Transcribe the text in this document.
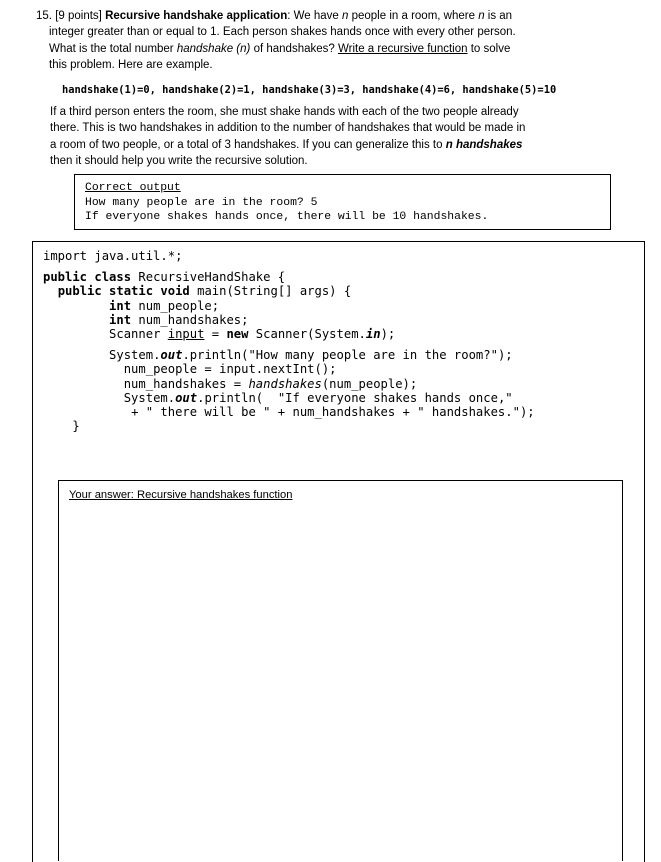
15. [9 points] Recursive handshake application: We have n people in a room, where n is an
integer greater than or equal to 1. Each person shakes hands once with every other person.
What is the total number handshake (n) of handshakes? Write a recursive function to solve
this problem. Here are example.
handshake(1)=0, handshake(2)=1, handshake(3)=3, handshake(4)=6, handshake(5)=10
If a third person enters the room, she must shake hands with each of the two people already
there. This is two handshakes in addition to the number of handshakes that would be made in
a room of two people, or a total of 3 handshakes. If you can generalize this to n handshakes
then it should help you write the recursive solution.
Correct output
How many people are in the room? 5
If everyone shakes hands once, there will be 10 handshakes.
import java.util.*;
public class RecursiveHandShake {
public static void main(String[] args) {
int num_people;
int num_handshakes;
Scanner input = new Scanner(System.in);
System.out.println("How many people are in the room?");
num_people = input.nextInt();
num_handshakes = handshakes(num_people);
System.out.println(  "If everyone shakes hands once,"
+ " there will be " + num_handshakes + " handshakes.");
}
Your answer: Recursive handshakes function
